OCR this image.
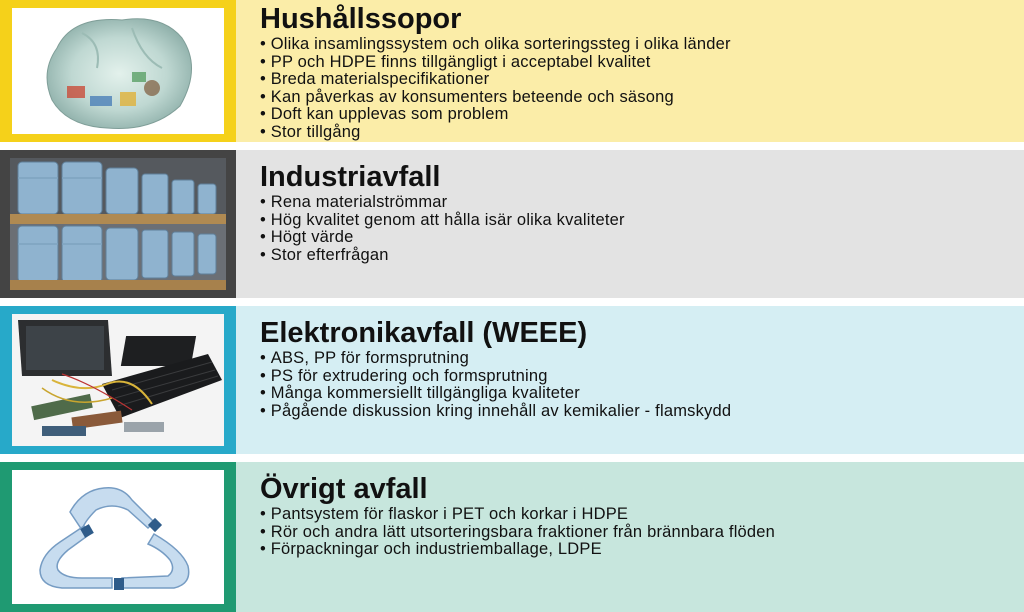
Hushållssopor
• Olika insamlingssystem och olika sorteringssteg i olika länder
• PP och HDPE finns tillgängligt i acceptabel kvalitet
• Breda materialspecifikationer
• Kan påverkas av konsumenters beteende och säsong
• Doft kan upplevas som problem
• Stor tillgång
Industriavfall
• Rena materialströmmar
• Hög kvalitet genom att hålla isär olika kvaliteter
• Högt värde
• Stor efterfrågan
Elektronikavfall (WEEE)
• ABS, PP för formsprutning
• PS för extrudering och formsprutning
• Många kommersiellt tillgängliga kvaliteter
• Pågående diskussion kring innehåll av kemikalier - flamskydd
Övrigt avfall
• Pantsystem för flaskor i PET och korkar i HDPE
• Rör och andra lätt utsorteringsbara fraktioner från brännbara flöden
• Förpackningar och industriemballage, LDPE
